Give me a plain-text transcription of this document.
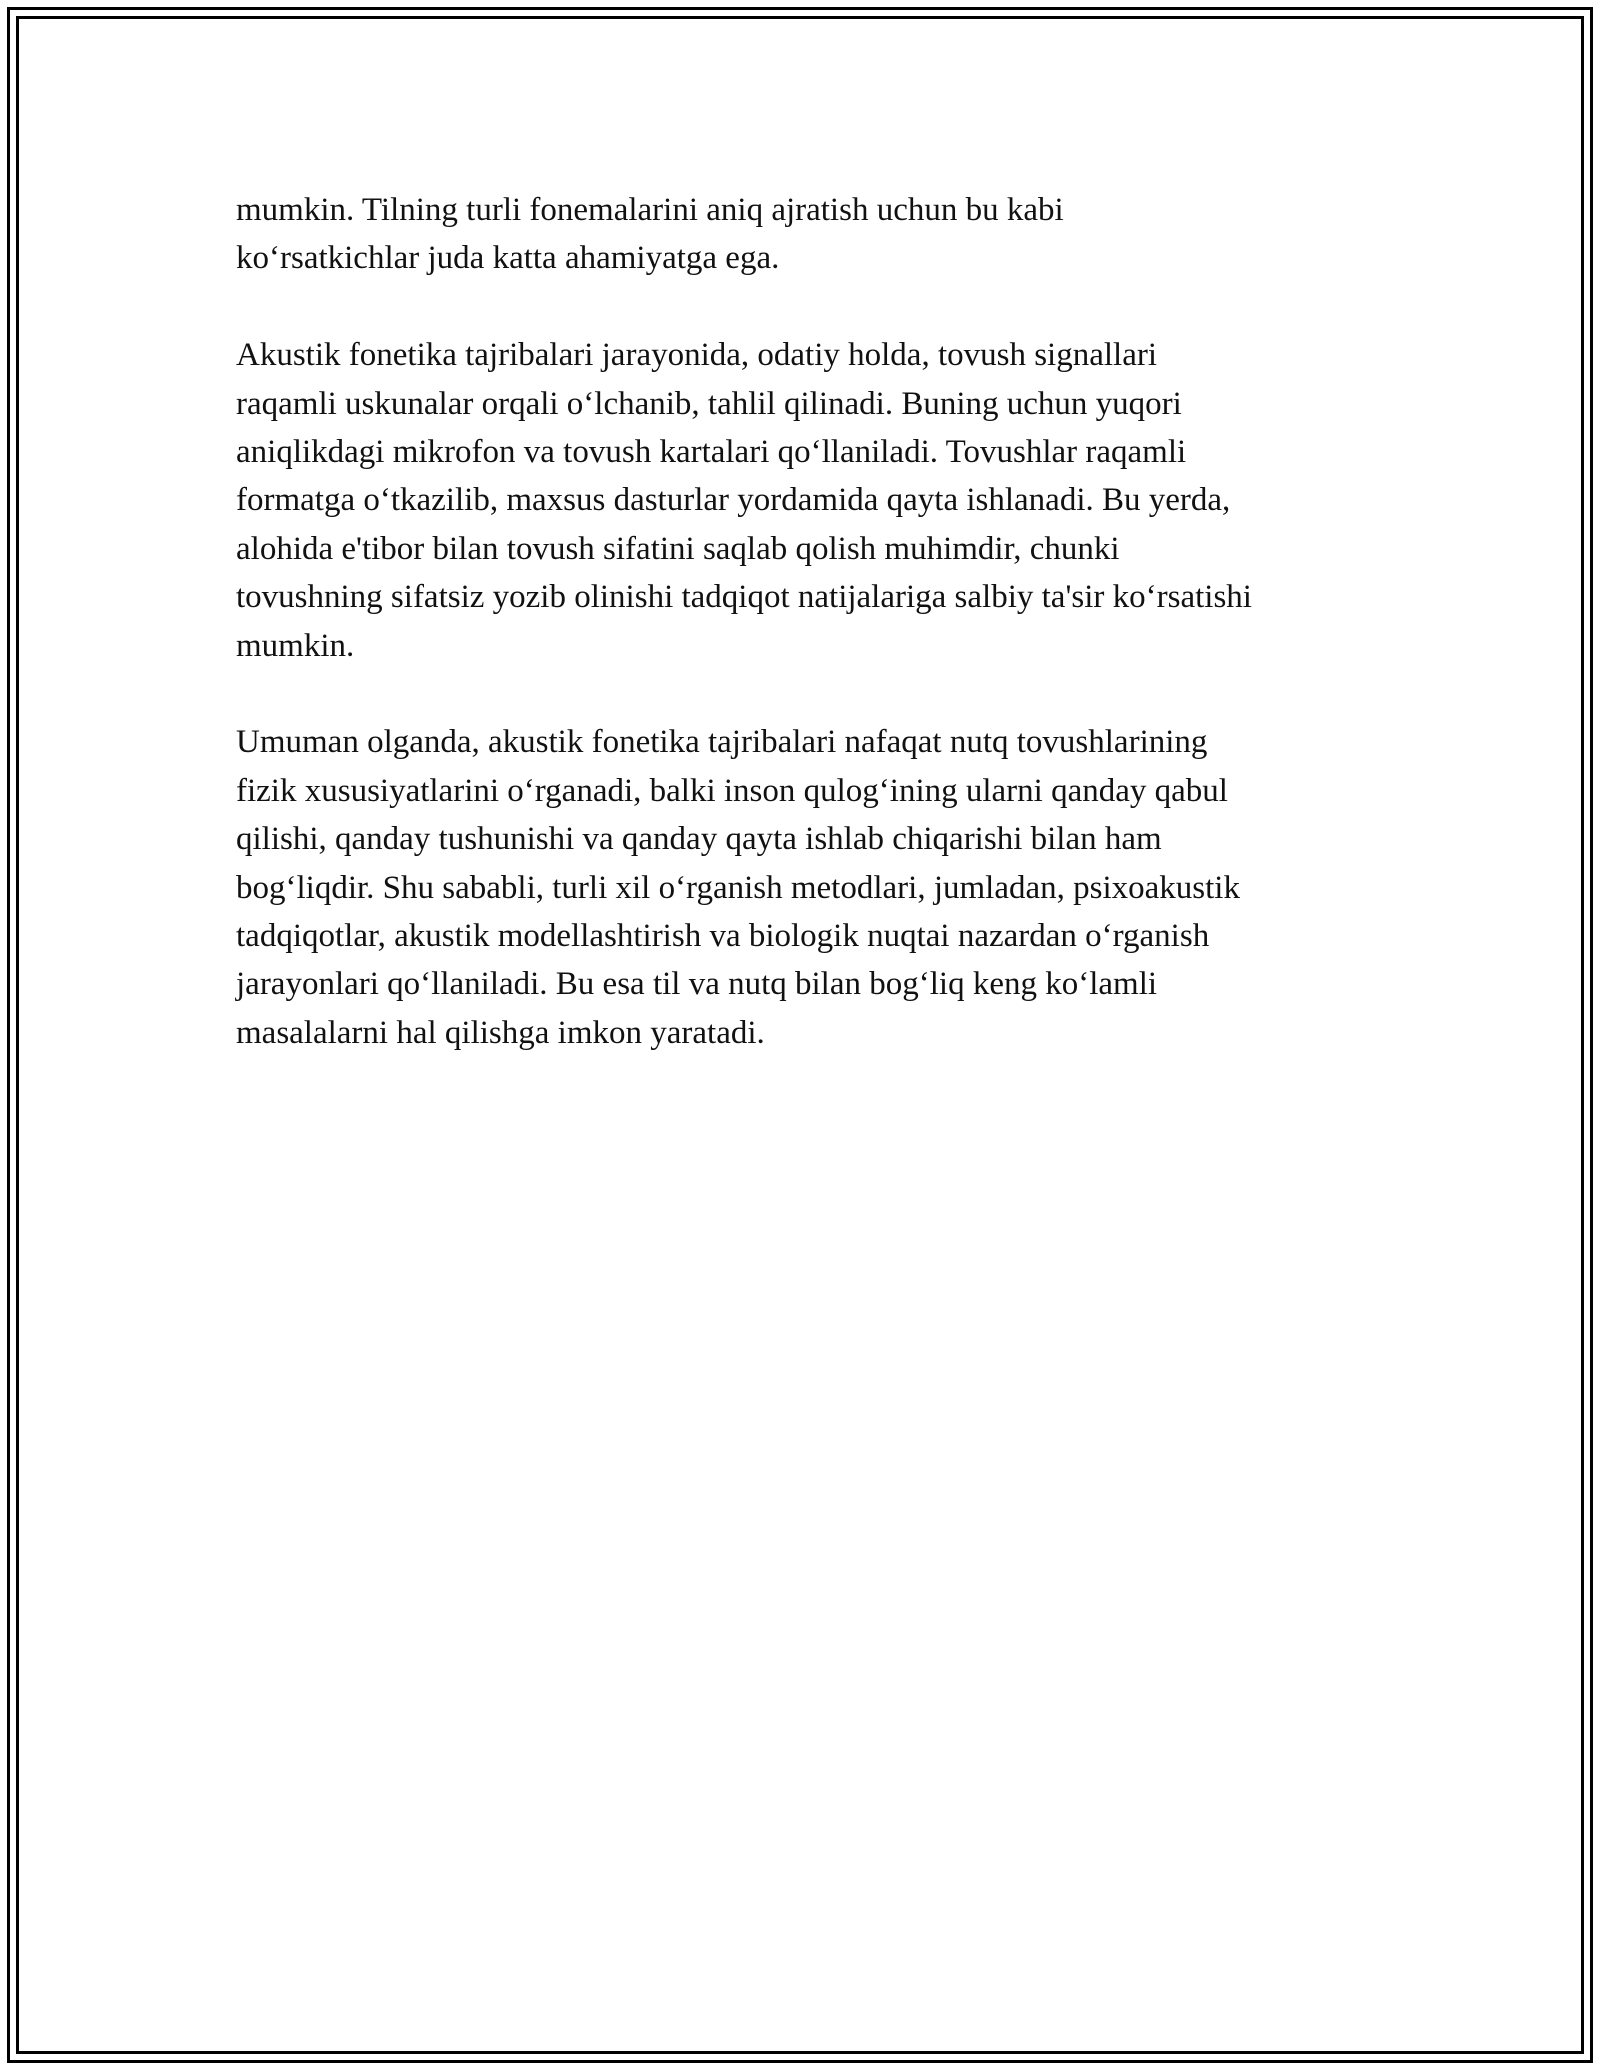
mumkin. Tilning turli fonemalarini aniq ajratish uchun bu kabi
ko‘rsatkichlar juda katta ahamiyatga ega.

Akustik fonetika tajribalari jarayonida, odatiy holda, tovush signallari
raqamli uskunalar orqali o‘lchanib, tahlil qilinadi. Buning uchun yuqori
aniqlikdagi mikrofon va tovush kartalari qo‘llaniladi. Tovushlar raqamli
formatga o‘tkazilib, maxsus dasturlar yordamida qayta ishlanadi. Bu yerda,
alohida e'tibor bilan tovush sifatini saqlab qolish muhimdir, chunki
tovushning sifatsiz yozib olinishi tadqiqot natijalariga salbiy ta'sir ko‘rsatishi
mumkin.

Umuman olganda, akustik fonetika tajribalari nafaqat nutq tovushlarining
fizik xususiyatlarini o‘rganadi, balki inson qulog‘ining ularni qanday qabul
qilishi, qanday tushunishi va qanday qayta ishlab chiqarishi bilan ham
bog‘liqdir. Shu sababli, turli xil o‘rganish metodlari, jumladan, psixoakustik
tadqiqotlar, akustik modellashtirish va biologik nuqtai nazardan o‘rganish
jarayonlari qo‘llaniladi. Bu esa til va nutq bilan bog‘liq keng ko‘lamli
masalalarni hal qilishga imkon yaratadi.
